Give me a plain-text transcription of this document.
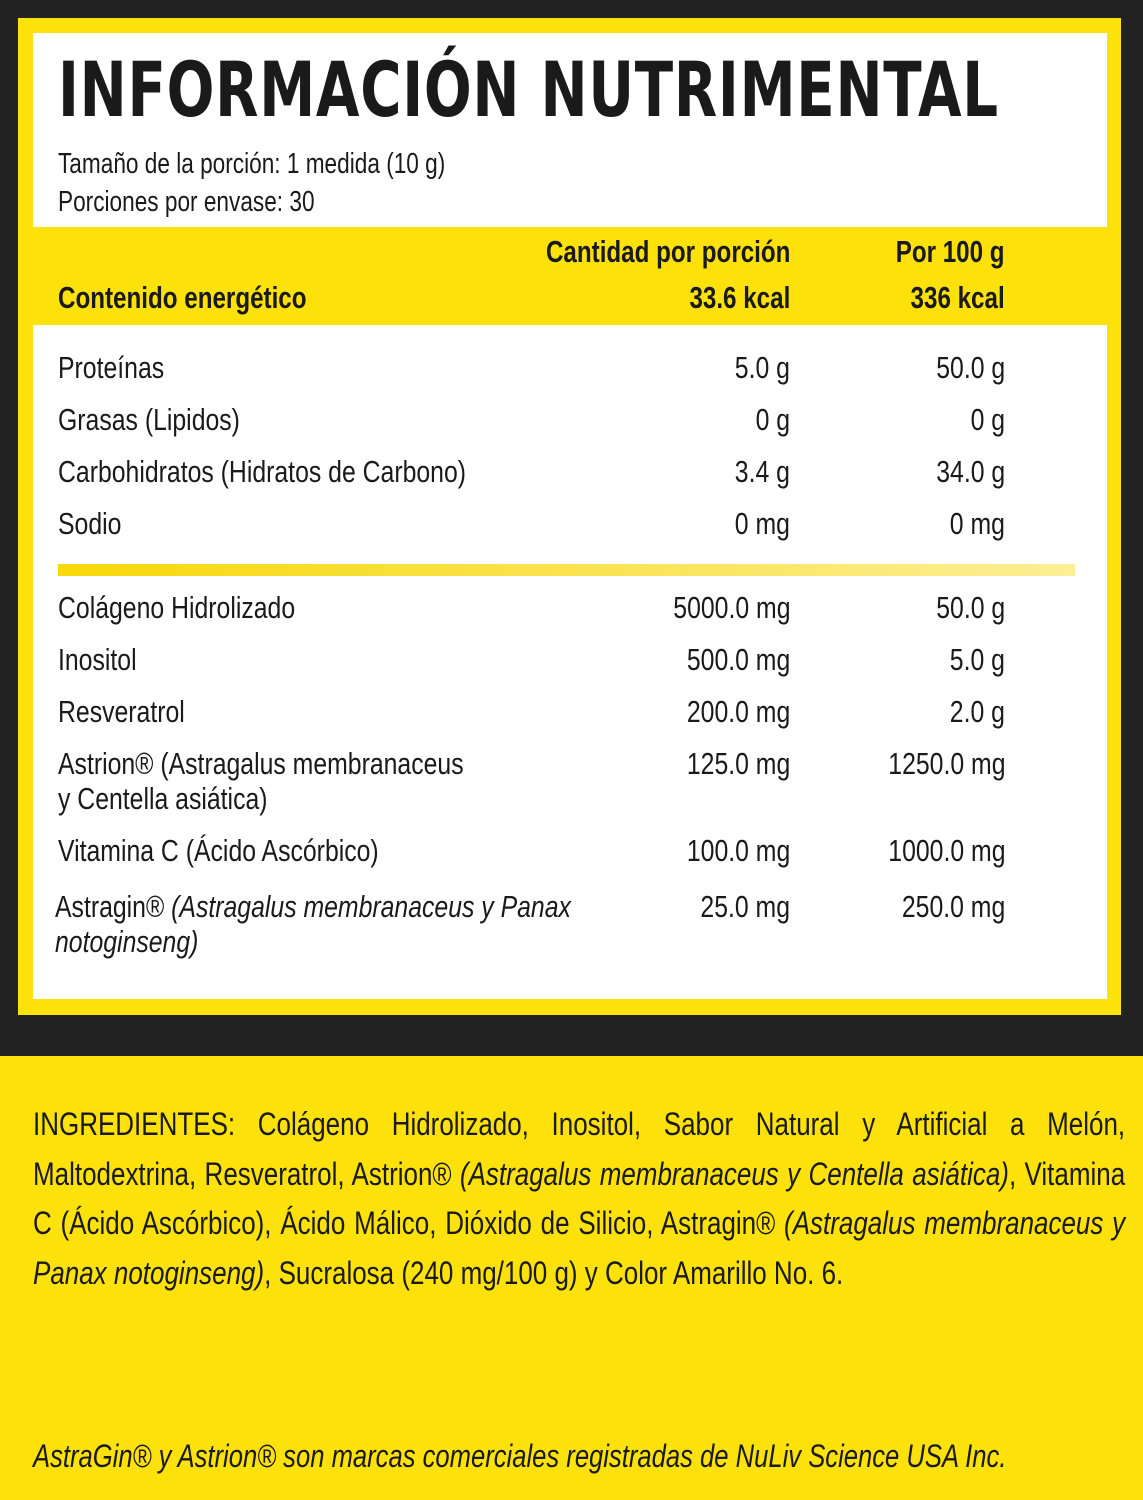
INFORMACIÓN NUTRIMENTAL
Tamaño de la porción: 1 medida (10 g)
Porciones por envase: 30
Cantidad por porción	Por 100 g
Contenido energético	33.6 kcal	336 kcal
Proteínas	5.0 g	50.0 g
Grasas (Lipidos)	0 g	0 g
Carbohidratos (Hidratos de Carbono)	3.4 g	34.0 g
Sodio	0 mg	0 mg
Colágeno Hidrolizado	5000.0 mg	50.0 g
Inositol	500.0 mg	5.0 g
Resveratrol	200.0 mg	2.0 g
Astrion® (Astragalus membranaceus
y Centella asiática)
125.0 mg	1250.0 mg
Vitamina C (Ácido Ascórbico)	100.0 mg	1000.0 mg
Astragin® (Astragalus membranaceus y Panax
notoginseng)
25.0 mg	250.0 mg
INGREDIENTES: Colágeno Hidrolizado, Inositol, Sabor Natural y Artificial a Melón, Maltodextrina, Resveratrol, Astrion® (Astragalus membranaceus y Centella asiática), Vitamina C (Ácido Ascórbico), Ácido Málico, Dióxido de Silicio, Astragin® (Astragalus membranaceus y Panax notoginseng), Sucralosa (240 mg/100 g) y Color Amarillo No. 6.
AstraGin® y Astrion® son marcas comerciales registradas de NuLiv Science USA Inc.
